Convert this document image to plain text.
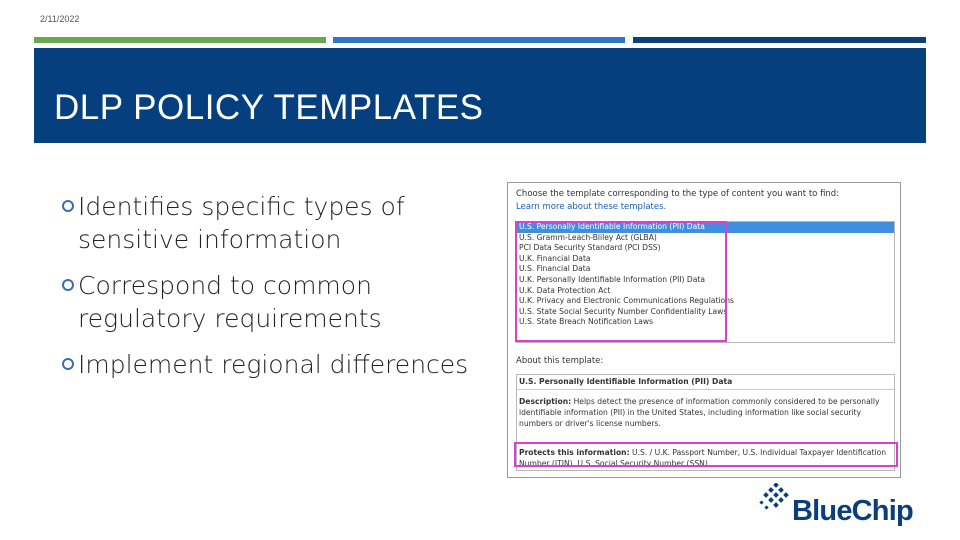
2/11/2022
DLP POLICY TEMPLATES
Identifies specific types of sensitive information
Correspond to common regulatory requirements
Implement regional differences
Choose the template corresponding to the type of content you want to find:
Learn more about these templates.
U.S. Personally Identifiable Information (PII) Data
U.S. Gramm-Leach-Bliley Act (GLBA)
PCI Data Security Standard (PCI DSS)
U.K. Financial Data
U.S. Financial Data
U.K. Personally Identifiable Information (PII) Data
U.K. Data Protection Act
U.K. Privacy and Electronic Communications Regulations
U.S. State Social Security Number Confidentiality Laws
U.S. State Breach Notification Laws
About this template:
U.S. Personally Identifiable Information (PII) Data
Description: Helps detect the presence of information commonly considered to be personally identifiable information (PII) in the United States, including information like social security numbers or driver's license numbers.
Protects this information: U.S. / U.K. Passport Number, U.S. Individual Taxpayer Identification Number (ITIN), U.S. Social Security Number (SSN)
BlueChip
